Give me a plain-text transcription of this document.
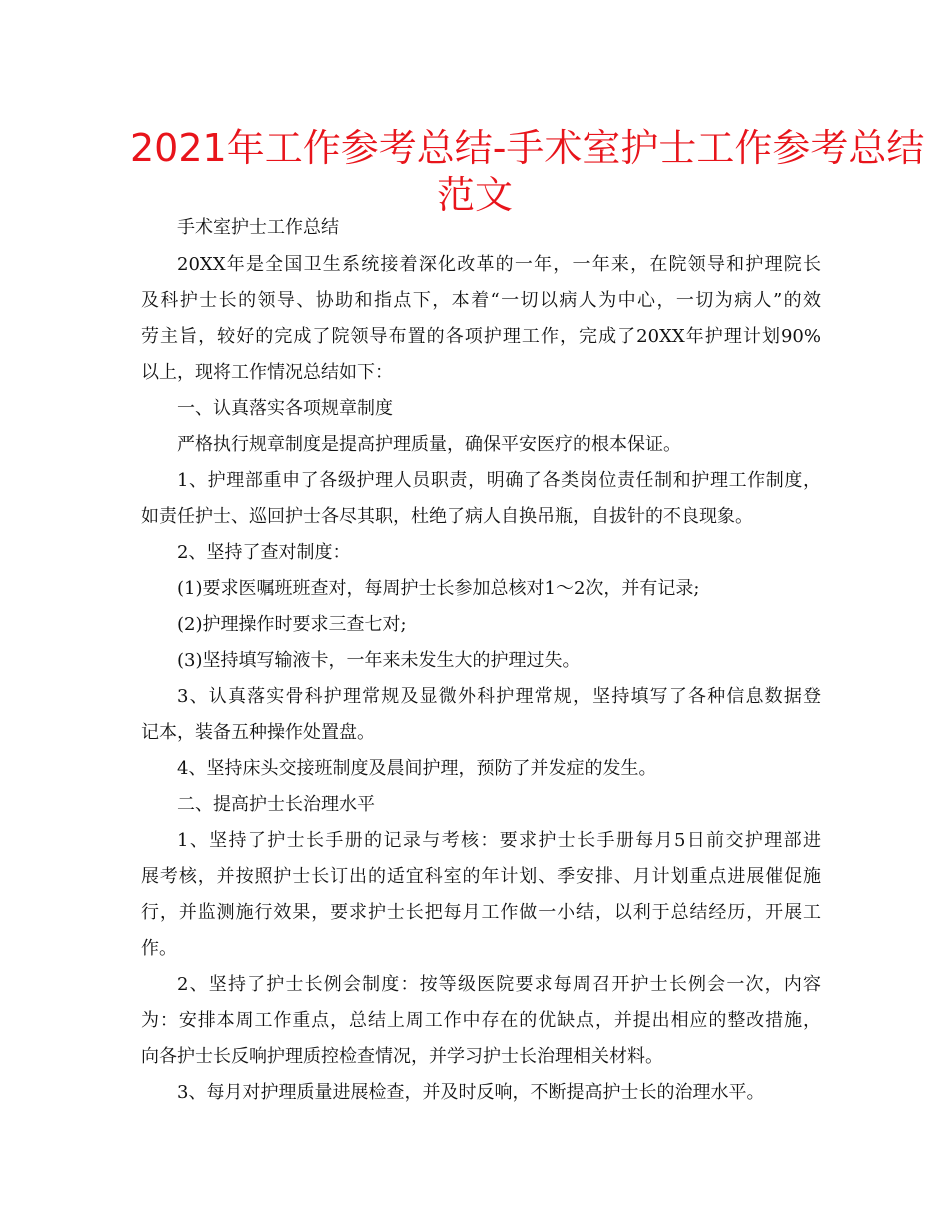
2021年工作参考总结-手术室护士工作参考总结
范文
手术室护士工作总结
20XX年是全国卫生系统接着深化改革的一年，一年来，在院领导和护理院长
及科护士长的领导、协助和指点下，本着“一切以病人为中心，一切为病人”的效
劳主旨，较好的完成了院领导布置的各项护理工作，完成了20XX年护理计划90%
以上，现将工作情况总结如下：
一、认真落实各项规章制度
严格执行规章制度是提高护理质量，确保平安医疗的根本保证。
1、护理部重申了各级护理人员职责，明确了各类岗位责任制和护理工作制度，
如责任护士、巡回护士各尽其职，杜绝了病人自换吊瓶，自拔针的不良现象。
2、坚持了查对制度：
(1)要求医嘱班班查对，每周护士长参加总核对1～2次，并有记录;
(2)护理操作时要求三查七对;
(3)坚持填写输液卡，一年来未发生大的护理过失。
3、认真落实骨科护理常规及显微外科护理常规，坚持填写了各种信息数据登
记本，装备五种操作处置盘。
4、坚持床头交接班制度及晨间护理，预防了并发症的发生。
二、提高护士长治理水平
1、坚持了护士长手册的记录与考核：要求护士长手册每月5日前交护理部进
展考核，并按照护士长订出的适宜科室的年计划、季安排、月计划重点进展催促施
行，并监测施行效果，要求护士长把每月工作做一小结，以利于总结经历，开展工
作。
2、坚持了护士长例会制度：按等级医院要求每周召开护士长例会一次，内容
为：安排本周工作重点，总结上周工作中存在的优缺点，并提出相应的整改措施，
向各护士长反响护理质控检查情况，并学习护士长治理相关材料。
3、每月对护理质量进展检查，并及时反响，不断提高护士长的治理水平。
